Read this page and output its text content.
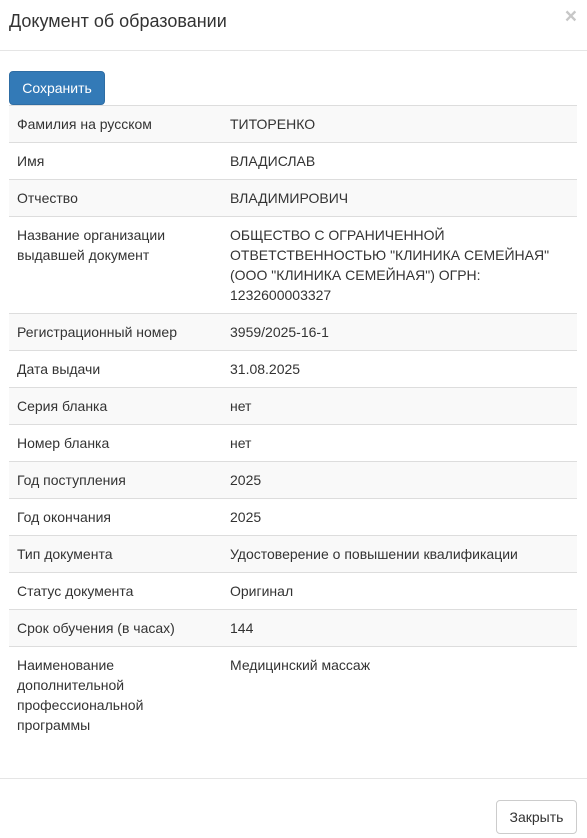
Документ об образовании	×
Сохранить
Фамилия на русском	ТИТОРЕНКО
Имя	ВЛАДИСЛАВ
Отчество	ВЛАДИМИРОВИЧ
Название организации выдавшей документ	ОБЩЕСТВО С ОГРАНИЧЕННОЙ ОТВЕТСТВЕННОСТЬЮ "КЛИНИКА СЕМЕЙНАЯ" (ООО "КЛИНИКА СЕМЕЙНАЯ") ОГРН: 1232600003327
Регистрационный номер	3959/2025-16-1
Дата выдачи	31.08.2025
Серия бланка	нет
Номер бланка	нет
Год поступления	2025
Год окончания	2025
Тип документа	Удостоверение о повышении квалификации
Статус документа	Оригинал
Срок обучения (в часах)	144
Наименование дополнительной профессиональной программы	Медицинский массаж
Закрыть
